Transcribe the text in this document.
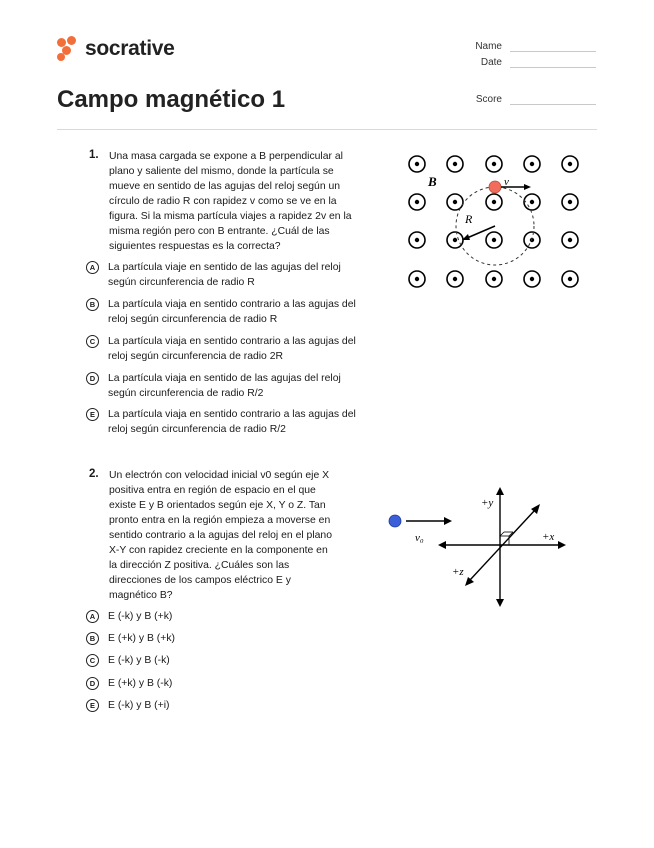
socrative	Name
Date
Campo magnético 1	Score
1. Una masa cargada se expone a B perpendicular al
plano y saliente del mismo, donde la partícula se
mueve en sentido de las agujas del reloj según un
círculo de radio R con rapidez v como se ve en la
figura. Si la misma partícula viajes a rapidez 2v en la
misma región pero con B entrante. ¿Cuál de las
siguientes respuestas es la correcta?
A	La partícula viaje en sentido de las agujas del reloj
según circunferencia de radio R
B	La partícula viaja en sentido contrario a las agujas del
reloj según circunferencia de radio R
C	La partícula viaja en sentido contrario a las agujas del
reloj según circunferencia de radio 2R
D	La partícula viaja en sentido de las agujas del reloj
según circunferencia de radio R/2
E	La partícula viaja en sentido contrario a las agujas del
reloj según circunferencia de radio R/2
B	v
R
2. Un electrón con velocidad inicial v0 según eje X
positiva entra en región de espacio en el que
existe E y B orientados según eje X, Y o Z. Tan
pronto entra en la región empieza a moverse en
sentido contrario a la agujas del reloj en el plano
X-Y con rapidez creciente en la componente en
la dirección Z positiva. ¿Cuáles son las
direcciones de los campos eléctrico E y
magnético B?
A	E (-k) y B (+k)
B	E (+k) y B (+k)
C	E (-k) y B (-k)
D	E (+k) y B (-k)
E	E (-k) y B (+i)
v₀
+y
+x
+z
